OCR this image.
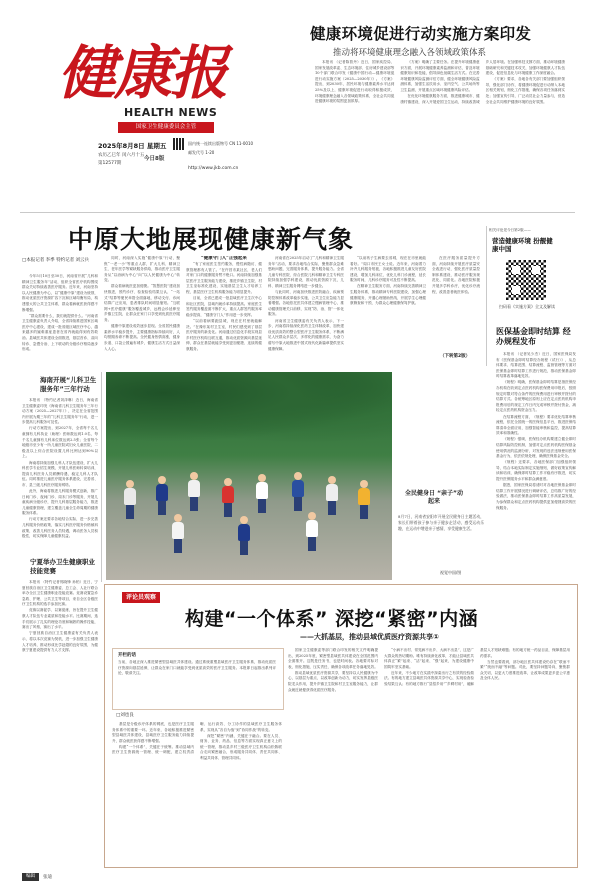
健康报
HEALTH NEWS
国家卫生健康委员会主管
2025年8月8日 星期五
农历乙巳年 闰六月十五
第12577期
今日8版
国内统一连续出版物号 CN 11-0010
邮发代号 1-20
http://www.jkb.com.cn
健康环境促进行动实施方案印发
推动将环境健康理念融入各领域政策体系

本报讯 （记者陈曾丹）近日，国家疾控局、国家发展改革委、生态环境部、住房城乡建设部等10个部门联合印发《健康中国行动—健康环境促进行动实施方案（2025—2030年）》。《方案》提出，到2030年，居民环境与健康素养水平达到25%及以上，健康环境促进行动取得积极成效，环境健康理念融入各领域政策体系，全社会共同促进健康环境的氛围更加浓厚。

《方案》明确了主要任务。在提升环境健康意识方面，开展环境健康素养监测和评估，普及环境健康知识和技能，倡导绿色低碳生活方式。在完善环境健康风险监测评估方面，健全环境健康风险监测体系，加强生活饮用水、室内空气、公共场所等卫生监测，开展重点区域环境健康风险评估。

在优化环境健康服务方面，推进健康城市、健康村镇建设，深入开展爱国卫生运动，持续改善城乡人居环境。在加强科技支撑方面，推动环境健康基础研究和关键技术攻关，加强环境健康人才队伍建设，促进信息化与环境健康工作深度融合。

《方案》要求，各地各有关部门要加强组织领导，强化部门协作，将健康环境促进行动纳入本地区相关规划，细化工作措施，确保各项任务落到实处；加强宣传引导，广泛动员社会力量参与，营造全社会共同维护健康环境的良好氛围。

相关评论见今日第2版——
营造健康环境 扮靓健康中国
中原大地展现健康新气象
□本报记者 李季 特约记者 刘云兵

今年5月10日至30日，河南省开展“儿科和精神卫生服务年”活动，组织全省医疗机构围绕群众关切持续改善医疗服务。近年来，河南坚持以人民健康为中心，以“健康中原”建设为统领，推动优质医疗资源扩容下沉和区域均衡布局，构建强大的公共卫生体系，群众看病就医获得感不断增强。

“群众需要什么，我们就提供什么。”河南省卫生健康委负责人介绍，全省持续推进国家区域医疗中心建设，建成一批省级区域医疗中心，越来越多的疑难重症患者在省内就能得到有效救治。县域医共体建设全面推进，基层首诊、双向转诊、急慢分治、上下联动的分级诊疗格局逐步形成。

同时，河南深入实施“健康中原”行动，聚焦“一老一小”等重点人群，扩大儿科、精神卫生、老年医学等紧缺服务供给，推动医疗卫生服务从“以治病为中心”向“以人民健康为中心”转变。

群众看病就医更加便捷。“智慧医院”建设加快推进，预约诊疗、检查检验结果互认、“一站式”结算等便民举措全面落地，移动支付、诊间结算广泛应用，患者排队时间明显缩短。“互联网+医疗健康”服务覆盖城乡，远程会诊延伸至乡镇卫生院，让群众在家门口享受到优质医疗服务。

健康中原建设成效逐步显现。全省居民健康素养水平稳步提升，主要健康指标持续向好，人均预期寿命不断提高。全民健身热情高涨，健身步道、口袋公园遍布城乡，健康生活方式日益深入人心。

“健康守门人”正强起来

“有了家庭医生签约服务，慢性病随访、健康管理都有人管了。”在许昌市某社区，老人们对家门口的健康服务赞不绝口。河南持续加强基层医疗卫生服务能力建设，推进乡镇卫生院、村卫生室标准化建设，实施基层卫生人才培养工程，基层医疗卫生机构服务能力明显提升。

目前，全省已建成一批县域医疗卫生次中心和社区医院，县域内就诊率持续提高。家庭医生签约服务覆盖面不断扩大，重点人群签约服务率稳步提高，“健康守门人”作用进一步发挥。

“以前看病要跑县城，现在在村里就能解决。”在豫东某村卫生室，村民们感受到了基层医疗服务的新变化。河南通过信息化手段实现县乡村医疗机构互联互通，推动优质资源向基层延伸，群众在基层就能享受到更加便捷、连续的健康服务。

河南省在2025年启动了“儿科和精神卫生服务年”活动，要求各地结合实际，聚焦群众急难愁盼问题，完善服务体系，提升服务能力。全省儿童专科医院、综合医院儿科和精神卫生专科医院持续加强学科建设，推动优质资源下沉，儿科、精神卫生服务网络进一步健全。

与此同时，河南加快推进医防融合，疾病预防控制体系改革稳步实施，公共卫生应急能力显著增强。各地依托医共体建立慢病管理中心，推动健康管理关口前移，实现“防、治、管”一体化服务。

河南省卫生健康委有关负责人表示，下一步，河南将持续深化医药卫生体制改革，加快建设优质高效的整合型医疗卫生服务体系，不断满足人民群众多层次、多样化的健康需求，为奋力谱写中原大地推进中国式现代化新篇章提供坚实健康保障。

“以前孩子生病要去省城，现在在市里就能看好。”周口市民王女士说。近年来，河南着力补齐儿科服务短板，各地积极推进儿童友好医院建设，增加儿科床位，优化儿科门诊流程，延长服务时间，儿科诊疗服务可及性不断提高。

在精神卫生服务方面，河南持续完善精神卫生服务体系，推动精神专科医院建设，加强心理健康服务，开通心理援助热线，开展学生心理健康筛查和干预，为群众心理健康保驾护航。

在医疗服务质量提升方面，河南持续开展医疗质量安全改进行动，强化医疗质量控制体系建设，推动医疗服务规范化、同质化。各地医院积极开展多学科诊疗，优化诊疗流程，改善患者就医体验。

（下转第2版）
扫码看《实施方案》全文及解读
医保基金即时结算 经办规程发布

本报讯 （记者吴少杰）近日，国家医保局发布《医保基金即时结算经办规程（试行）》，从总体要求、结算范围、结算流程、监督管理等方面对医保基金即时结算工作进行规范，推动医保基金即时结算改革落地见效。

《规程》明确，医保基金即时结算是指医保经办机构在收到定点医药机构医保费用申报后，按照规定时限对符合条件的医保费用进行审核并拨付的结算方式。各统筹地区原则上应在定点医药机构申报费用后的规定工作日内完成审核并拨付资金，减轻定点医药机构资金压力。

在结算流程方面，《规程》要求优化结算审核流程，依托全国统一的医保信息平台，推进医保结算清单全面应用，加强智能审核和监控，提高结算效率和准确性。

《规程》强调，医保经办机构要建立健全即时结算风险防控机制，加强对定点医药机构医保基金使用情况的监测分析，对发现的违法违规使用医保基金行为，依法依规处理，确保医保基金安全。

《规程》还要求，各地医保部门加强组织领导，结合本地实际制定实施细则，做好政策宣传解读和培训，确保即时结算工作平稳有序推进，切实提升医保服务水平和群众满意度。

据悉，国家医保局将适时对各地医保基金即时结算工作开展情况进行调研评估，总结推广好的经验做法，推动医保基金即时结算工作高质量发展，为参保群众和定点医药机构提供更加便捷高效的医保服务。

海南开展“儿科卫生服务年”三年行动

本报讯 （特约记者刘泽琳）近日，海南省卫生健康委印发《海南省儿科卫生服务年三年行动方案（2025—2027年）》，决定在全省范围内开展为期三年的“儿科卫生服务年”行动，进一步提高儿科服务可及性。

行动方案提出，到2027年，全省每千名儿童拥有儿科执业（助理）医师数达到1.0名，每千名儿童拥有儿科床位数达到2.5张；全省每个地级市至少有一所儿童医院或妇女儿童医院，二级及以上综合医院设置儿科比例达到90%以上。

海南将持续加强儿科人才队伍建设，扩大儿科医学专业招生规模，开展儿科医师转岗培训，提高儿科医务人员薪酬待遇，稳定儿科人才队伍。同时推进儿童医疗服务体系建设，完善省、市、县三级儿科医疗服务网络。

此外，海南将推进儿科服务模式创新，推广日间门诊、夜间门诊、周末门诊等服务，开展儿童疾病分级诊疗，提升儿科基层服务能力，推进儿童健康管理，建立覆盖儿童全生命周期的健康服务体系。

行动方案还要求各地结合实际，进一步完善儿科服务价格政策，落实儿科医疗服务价格倾斜政策，改善儿科医务人员待遇，调动医务人员积极性，切实保障儿童健康权益。

宁夏举办卫生健康职业技能竞赛

本报讯 （特约记者郭晓锋 孙柏）近日，宁夏回族自治区卫生健康委、总工会、人社厅联合举办全区卫生健康职业技能竞赛。竞赛设置急诊急救、护理、公共卫生等项目，来自全区各级医疗卫生机构的选手参加比赛。

竞赛以赛促学、以赛促练，旨在提升卫生健康人才队伍专业素质和技能水平。比赛期间，选手们展示了扎实的理论功底和娴熟的操作技能，赛出了风格，赛出了水平。

宁夏回族自治区卫生健康委有关负责人表示，将以本次竞赛为契机，进一步加强卫生健康人才培养，推动形成比学赶超的良好氛围，为健康宁夏建设提供有力人才支撑。

全民健身日 “亲子”动起来
8月7日，河南省安阳市开展全民健身日主题活动，家长们带着孩子参与亲子健步走活动，感受运动乐趣，在运动中增进亲子感情，享受健康生活。
视觉中国/图
评论员观察
构建“一个体系” 深挖“紧密”内涵
——大抓基层，推动县域优质医疗资源共享①
开栏的话
当前，各地正深入推进紧密型县域医共体建设。通过系统重塑县域医疗卫生服务体系，推动优质医疗资源向基层延伸，让群众在家门口就能享受到优质高效的医疗卫生服务。本报即日起推出系列评论，敬请关注。
□刘也良

基层是分级诊疗体系的网底，也是医疗卫生服务体系中的重要一环。近年来，各地积极推进紧密型县域医共体建设，县域医疗卫生服务能力持续提升，群众就医获得感不断增强。

构建“一个体系”，关键在于统筹。推动县域内医疗卫生资源统一管理、统一调配，建立权责清晰、运行高效、分工协作的县域医疗卫生服务体系，实现从“各自为战”到“协同作战”的转变。

深挖“紧密”内涵，关键在于融合。要在人员、财务、业务、药品、信息等方面实现真正意义上的统一管理，推动县乡村三级医疗卫生机构由松散联合走向紧密融合，形成服务共同体、责任共同体、利益共同体、管理共同体。

国家卫生健康委等部门联合印发的相关文件明确提出，到2025年底，紧密型县域医共体建设在全国范围内全面推开。这既是任务书，也是时间表。各地要对标对表，细化措施，压实责任，确保各项改革任务落地见效。

推动县域优质医疗资源共享，要坚持以人民健康为中心，以基层为重点，以改革创新为动力，切实发挥县级医院龙头作用，提升乡镇卫生院和村卫生室服务能力，让群众就近就便获得优质医疗服务。

“小病不出村、常见病不出乡、大病不出县”，这是广大群众的热切期盼。唯有持续深化改革，才能让县域医共体真正“紧”起来、“活”起来、“强”起来，为建设健康中国筑牢坚实基础。

近年来，不少地方在实践中探索出行之有效的经验做法。有的地方建立县域医共体资源共享中心，实现检查检验结果互认；有的地方推行“县招乡用”“乡聘村用”，破解基层人才短缺难题；有的地方统一药品目录，保障基层用药需求。

当然也要看到，部分地区医共体建设仍存在“联而不紧”“统而不融”等问题。对此，要坚持问题导向，聚焦群众关切，以更大力度推进改革，让改革成果更多更公平惠及全体人民。

编辑	张迪
